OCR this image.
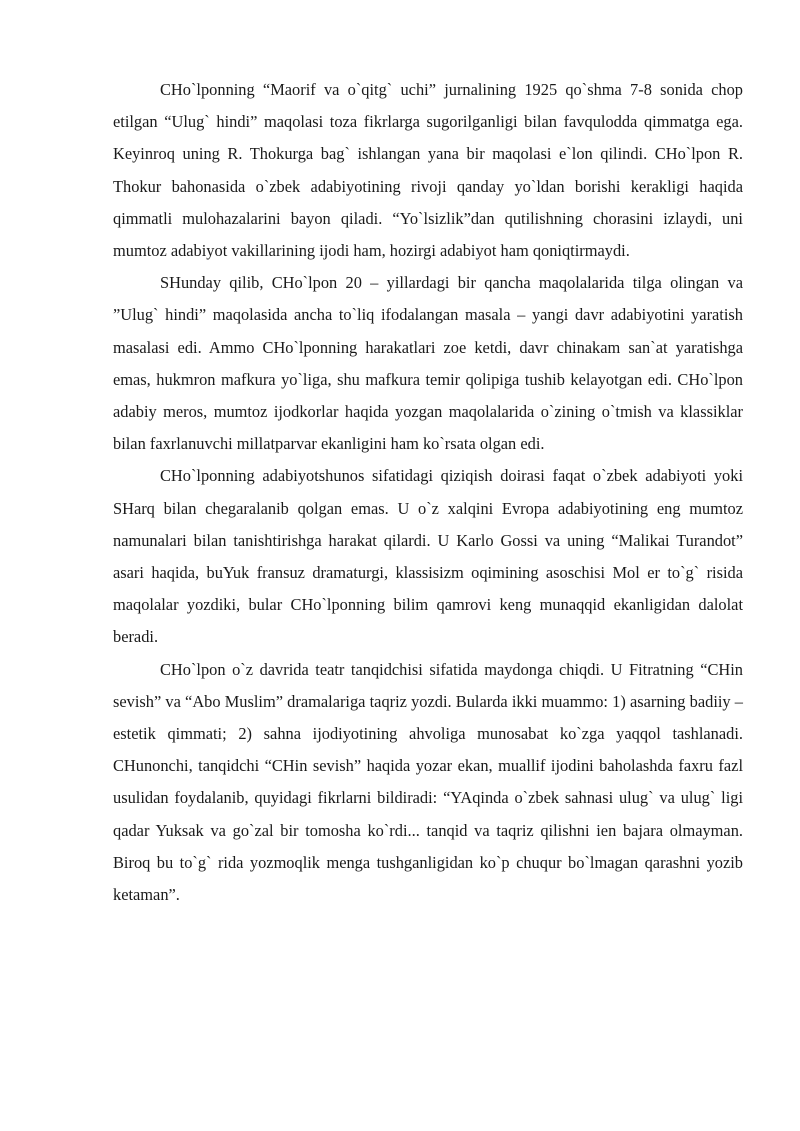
CHo`lponning “Maorif va o`qitg` uchi” jurnalining 1925 qo`shma 7-8 sonida chop etilgan “Ulug` hindi” maqolasi toza fikrlarga sugorilganligi bilan favqulodda qimmatga ega. Keyinroq uning R. Thokurga bag` ishlangan yana bir maqolasi e`lon qilindi. CHo`lpon R. Thokur bahonasida o`zbek adabiyotining rivoji qanday yo`ldan borishi kerakligi haqida qimmatli mulohazalarini bayon qiladi. “Yo`lsizlik”dan qutilishning chorasini izlaydi, uni mumtoz adabiyot vakillarining ijodi ham, hozirgi adabiyot ham qoniqtirmaydi.

SHunday qilib, CHo`lpon 20 – yillardagi bir qancha maqolalarida tilga olingan va ”Ulug` hindi” maqolasida ancha to`liq ifodalangan masala – yangi davr adabiyotini yaratish masalasi edi. Ammo CHo`lponning harakatlari zoe ketdi, davr chinakam san`at yaratishga emas, hukmron mafkura yo`liga, shu mafkura temir qolipiga tushib kelayotgan edi. CHo`lpon adabiy meros, mumtoz ijodkorlar haqida yozgan maqolalarida o`zining o`tmish va klassiklar bilan faxrlanuvchi millatparvar ekanligini ham ko`rsata olgan edi.

CHo`lponning adabiyotshunos sifatidagi qiziqish doirasi faqat o`zbek adabiyoti yoki SHarq bilan chegaralanib qolgan emas. U o`z xalqini Evropa adabiyotining eng mumtoz namunalari bilan tanishtirishga harakat qilardi. U Karlo Gossi va uning “Malikai Turandot” asari haqida, buYuk fransuz dramaturgi, klassisizm oqimining asoschisi Mol er to`g` risida maqolalar yozdiki, bular CHo`lponning bilim qamrovi keng munaqqid ekanligidan dalolat beradi.

CHo`lpon o`z davrida teatr tanqidchisi sifatida maydonga chiqdi. U Fitratning “CHin sevish” va “Abo Muslim” dramalariga taqriz yozdi. Bularda ikki muammo: 1) asarning badiiy – estetik qimmati; 2) sahna ijodiyotining ahvoliga munosabat ko`zga yaqqol tashlanadi. CHunonchi, tanqidchi “CHin sevish” haqida yozar ekan, muallif ijodini baholashda faxru fazl usulidan foydalanib, quyidagi fikrlarni bildiradi: “YAqinda o`zbek sahnasi ulug` va ulug` ligi qadar Yuksak va go`zal bir tomosha ko`rdi... tanqid va taqriz qilishni ien bajara olmayman. Biroq bu to`g` rida yozmoqlik menga tushganligidan ko`p chuqur bo`lmagan qarashni yozib ketaman”.
